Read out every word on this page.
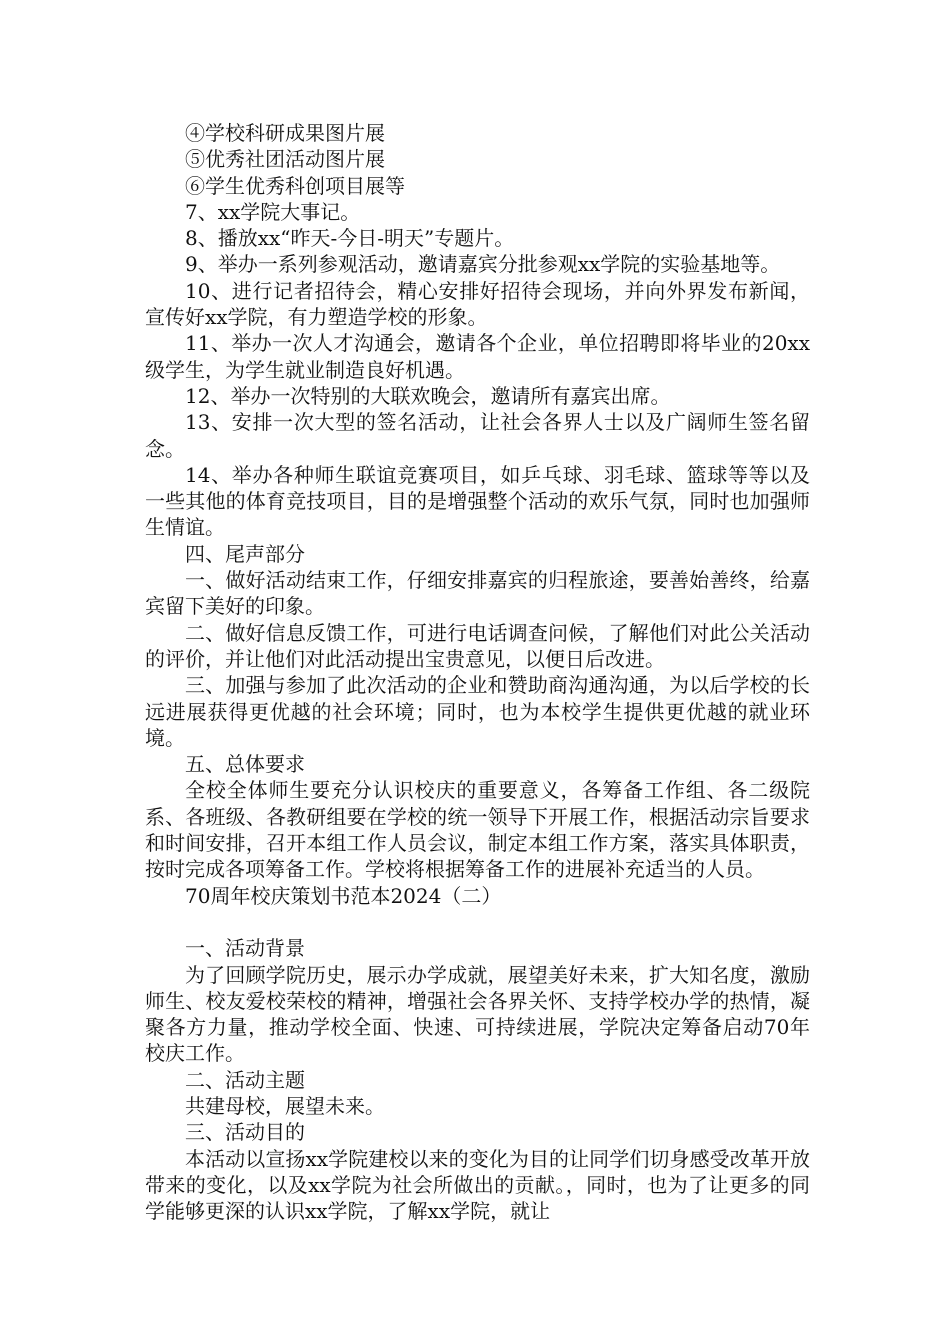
④学校科研成果图片展

⑤优秀社团活动图片展

⑥学生优秀科创项目展等

7、xx学院大事记。

8、播放xx“昨天-今日-明天”专题片。

9、举办一系列参观活动，邀请嘉宾分批参观xx学院的实验基地等。

10、进行记者招待会，精心安排好招待会现场，并向外界发布新闻，宣传好xx学院，有力塑造学校的形象。

11、举办一次人才沟通会，邀请各个企业，单位招聘即将毕业的20xx级学生，为学生就业制造良好机遇。

12、举办一次特别的大联欢晚会，邀请所有嘉宾出席。

13、安排一次大型的签名活动，让社会各界人士以及广阔师生签名留念。

14、举办各种师生联谊竞赛项目，如乒乓球、羽毛球、篮球等等以及一些其他的体育竞技项目，目的是增强整个活动的欢乐气氛，同时也加强师生情谊。

四、尾声部分

一、做好活动结束工作，仔细安排嘉宾的归程旅途，要善始善终，给嘉宾留下美好的印象。

二、做好信息反馈工作，可进行电话调查问候，了解他们对此公关活动的评价，并让他们对此活动提出宝贵意见，以便日后改进。

三、加强与参加了此次活动的企业和赞助商沟通沟通，为以后学校的长远进展获得更优越的社会环境；同时，也为本校学生提供更优越的就业环境。

五、总体要求

全校全体师生要充分认识校庆的重要意义，各筹备工作组、各二级院系、各班级、各教研组要在学校的统一领导下开展工作，根据活动宗旨要求和时间安排，召开本组工作人员会议，制定本组工作方案，落实具体职责，按时完成各项筹备工作。学校将根据筹备工作的进展补充适当的人员。

70周年校庆策划书范本2024（二）

一、活动背景

为了回顾学院历史，展示办学成就，展望美好未来，扩大知名度，激励师生、校友爱校荣校的精神，增强社会各界关怀、支持学校办学的热情，凝聚各方力量，推动学校全面、快速、可持续进展，学院决定筹备启动70年校庆工作。

二、活动主题

共建母校，展望未来。

三、活动目的

本活动以宣扬xx学院建校以来的变化为目的让同学们切身感受改革开放带来的变化，以及xx学院为社会所做出的贡献。，同时，也为了让更多的同学能够更深的认识xx学院，了解xx学院，就让
